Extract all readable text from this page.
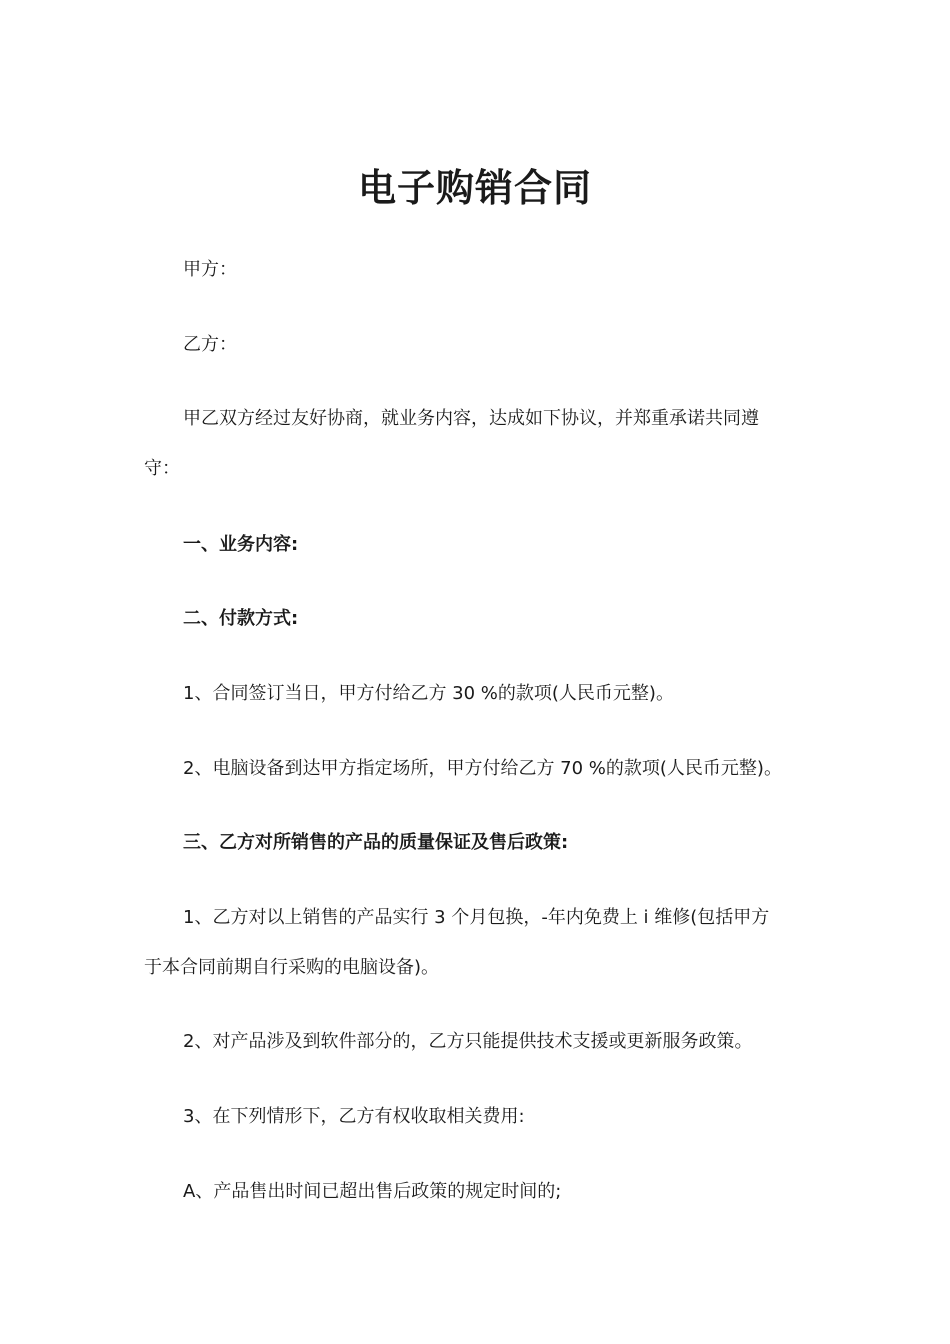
电子购销合同
甲方：
乙方：
甲乙双方经过友好协商，就业务内容，达成如下协议，并郑重承诺共同遵
守：
一、业务内容:
二、付款方式:
1、合同签订当日，甲方付给乙方 30 %的款项(人民币元整)。
2、电脑设备到达甲方指定场所，甲方付给乙方 70 %的款项(人民币元整)。
三、乙方对所销售的产品的质量保证及售后政策:
1、乙方对以上销售的产品实行 3 个月包换，-年内免费上 i 维修(包括甲方
于本合同前期自行采购的电脑设备)。
2、对产品涉及到软件部分的，乙方只能提供技术支援或更新服务政策。
3、在下列情形下，乙方有权收取相关费用:
A、产品售出时间已超出售后政策的规定时间的;
